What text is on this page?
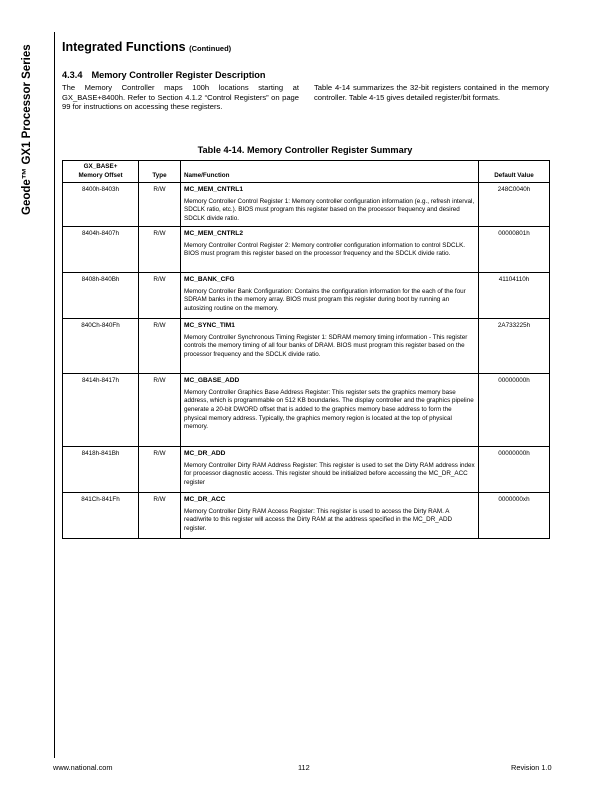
Geode™ GX1 Processor Series	Integrated Functions (Continued)
4.3.4 Memory Controller Register Description
The Memory Controller maps 100h locations starting at GX_BASE+8400h. Refer to Section 4.1.2 “Control Registers” on page 99 for instructions on accessing these registers.
Table 4-14 summarizes the 32-bit registers contained in the memory controller. Table 4-15 gives detailed register/bit formats.
Table 4-14. Memory Controller Register Summary
GX_BASE+
Memory Offset	Type	Name/Function	Default Value
8400h-8403h	R/W	MC_MEM_CNTRL1
Memory Controller Control Register 1: Memory controller configuration information (e.g., refresh interval, SDCLK ratio, etc.). BIOS must program this register based on the processor frequency and desired SDCLK divide ratio.	248C0040h
8404h-8407h	R/W	MC_MEM_CNTRL2
Memory Controller Control Register 2: Memory controller configuration information to control SDCLK. BIOS must program this register based on the processor frequency and the SDCLK divide ratio.	00000801h
8408h-840Bh	R/W	MC_BANK_CFG
Memory Controller Bank Configuration: Contains the configuration information for the each of the four SDRAM banks in the memory array. BIOS must program this register during boot by running an autosizing routine on the memory.	41104110h
840Ch-840Fh	R/W	MC_SYNC_TIM1
Memory Controller Synchronous Timing Register 1: SDRAM memory timing information - This register controls the memory timing of all four banks of DRAM. BIOS must program this register based on the processor frequency and the SDCLK divide ratio.	2A733225h
8414h-8417h	R/W	MC_GBASE_ADD
Memory Controller Graphics Base Address Register: This register sets the graphics memory base address, which is programmable on 512 KB boundaries. The display controller and the graphics pipeline generate a 20-bit DWORD offset that is added to the graphics memory base address to form the physical memory address. Typically, the graphics memory region is located at the top of physical memory.	00000000h
8418h-841Bh	R/W	MC_DR_ADD
Memory Controller Dirty RAM Address Register: This register is used to set the Dirty RAM address index for processor diagnostic access. This register should be initialized before accessing the MC_DR_ACC register	00000000h
841Ch-841Fh	R/W	MC_DR_ACC
Memory Controller Dirty RAM Access Register: This register is used to access the Dirty RAM. A read/write to this register will access the Dirty RAM at the address specified in the MC_DR_ADD register.	0000000xh
www.national.com	112	Revision 1.0
